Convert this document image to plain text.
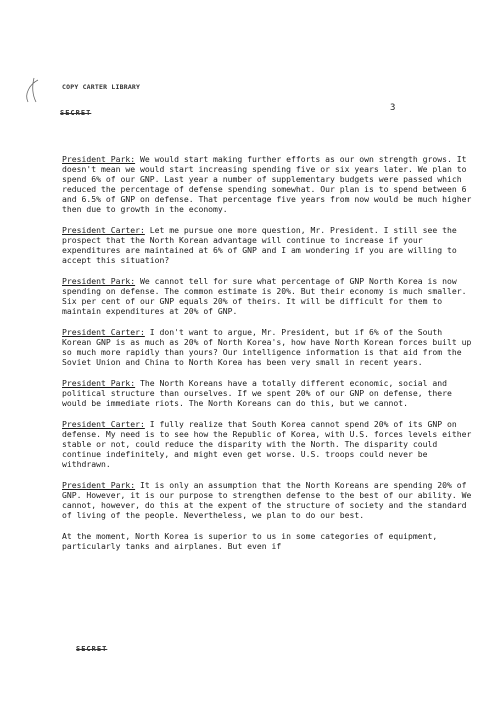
COPY CARTER LIBRARY
SECRET	3

President Park: We would start making further efforts as our own strength grows. It doesn't mean we would start increasing spending five or six years later. We plan to spend 6% of our GNP. Last year a number of supplementary budgets were passed which reduced the percentage of defense spending somewhat. Our plan is to spend between 6 and 6.5% of GNP on defense. That percentage five years from now would be much higher then due to growth in the economy.

President Carter: Let me pursue one more question, Mr. President. I still see the prospect that the North Korean advantage will continue to increase if your expenditures are maintained at 6% of GNP and I am wondering if you are willing to accept this situation?

President Park: We cannot tell for sure what percentage of GNP North Korea is now spending on defense. The common estimate is 20%. But their economy is much smaller. Six per cent of our GNP equals 20% of theirs. It will be difficult for them to maintain expenditures at 20% of GNP.

President Carter: I don't want to argue, Mr. President, but if 6% of the South Korean GNP is as much as 20% of North Korea's, how have North Korean forces built up so much more rapidly than yours? Our intelligence information is that aid from the Soviet Union and China to North Korea has been very small in recent years.

President Park: The North Koreans have a totally different economic, social and political structure than ourselves. If we spent 20% of our GNP on defense, there would be immediate riots. The North Koreans can do this, but we cannot.

President Carter: I fully realize that South Korea cannot spend 20% of its GNP on defense. My need is to see how the Republic of Korea, with U.S. forces levels either stable or not, could reduce the disparity with the North. The disparity could continue indefinitely, and might even get worse. U.S. troops could never be withdrawn.

President Park: It is only an assumption that the North Koreans are spending 20% of GNP. However, it is our purpose to strengthen defense to the best of our ability. We cannot, however, do this at the expent of the structure of society and the standard of living of the people. Nevertheless, we plan to do our best.

At the moment, North Korea is superior to us in some categories of equipment, particularly tanks and airplanes. But even if

SECRET
